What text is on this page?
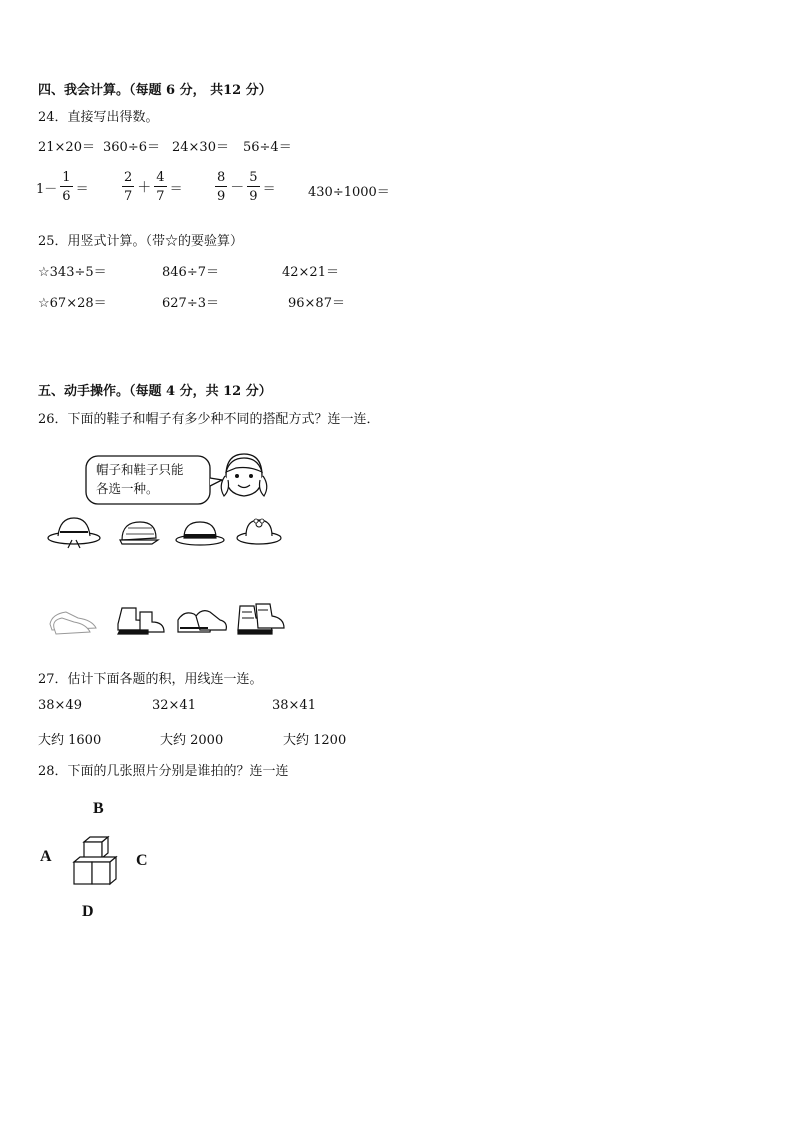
四、我会计算。（每题 6 分， 共12 分）
24．直接写出得数。
21×20＝ 360÷6＝ 24×30＝ 56÷4＝
$1- \frac{1}{6}$ ＝	$\frac{2}{7} + \frac{4}{7} = \frac{8}{9} - \frac{5}{9} = 430\div 1000=$
25．用竖式计算。（带☆的要验算）
☆343÷5＝	846÷7＝	42×21＝
☆67×28＝	627÷3＝	96×87＝
五、动手操作。（每题 4 分，共 12 分）
26．下面的鞋子和帽子有多少种不同的搭配方式？连一连．
帽子和鞋子只能
各选一种。
27．估计下面各题的积，用线连一连。
38×49	32×41	38×41
大约 1600	大约 2000	大约 1200
28．下面的几张照片分别是谁拍的？连一连
B
A	C
D
